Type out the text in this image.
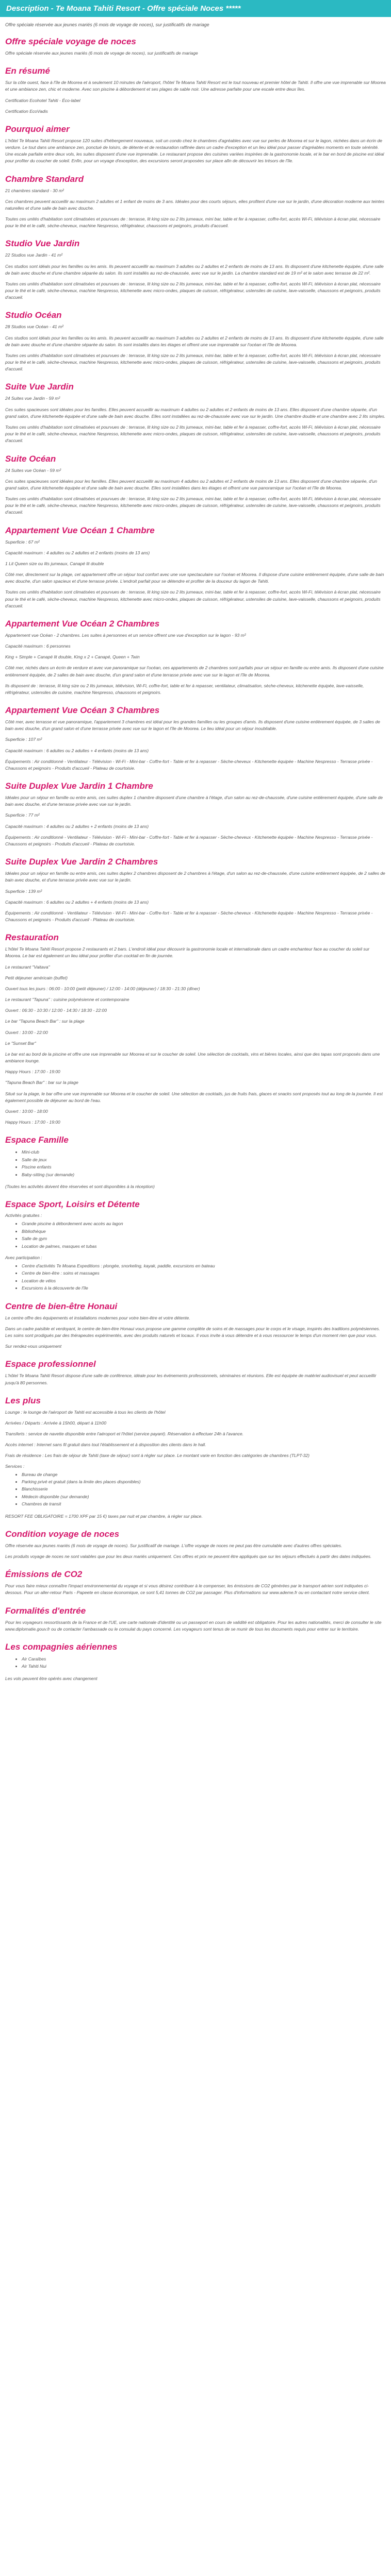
Description - Te Moana Tahiti Resort - Offre spéciale Noces *****

Offre spéciale réservée aux jeunes mariés (6 mois de voyage de noces), sur justificatifs de mariage

Offre spéciale voyage de noces

Offre spéciale réservée aux jeunes mariés (6 mois de voyage de noces), sur justificatifs de mariage

En résumé

Sur la côte ouest, face à l'île de Moorea et à seulement 10 minutes de l'aéroport, l'hôtel Te Moana Tahiti Resort est le tout nouveau et premier hôtel de Tahiti. Il offre une vue imprenable sur Moorea et une ambiance zen, chic et moderne. Avec son piscine à débordement et ses plages de sable noir. Une adresse parfaite pour une escale entre deux îles.

Certification Ecohotel Tahiti - Éco-label

Certification EcoVadis

Pourquoi aimer

L'hôtel Te Moana Tahiti Resort propose 120 suites d'hébergement nouveaux, soit un condo chez le chambres d'agréables avec vue sur perles de Moorea et sur le lagon, nichées dans un écrin de verdure. Le tout dans une ambiance zen, ponctué de loisirs, de détente et de restauration raffinée dans un cadre d'exception et un lieu idéal pour passer d'agréables moments en toute sérénité. Une escale parfaite entre deux vols, les suites disposent d'une vue imprenable. Le restaurant propose des cuisines variées inspirées de la gastronomie locale, et le bar en bord de piscine est idéal pour profiter du coucher de soleil. Enfin, pour un voyage d'exception, des excursions seront proposées sur place afin de découvrir les trésors de l'île.

Chambre Standard

21 chambres standard - 30 m²

Ces chambres peuvent accueillir au maximum 2 adultes et 1 enfant de moins de 3 ans. Idéales pour des courts séjours, elles profitent d'une vue sur le jardin, d'une décoration moderne aux teintes naturelles et d'une salle de bain avec douche.

Toutes ces unités d'habitation sont climatisées et pourvues de : terrasse, lit king size ou 2 lits jumeaux, mini bar, table et fer à repasser, coffre-fort, accès Wi-Fi, télévision à écran plat, nécessaire pour le thé et le café, sèche-cheveux, machine Nespresso, réfrigérateur, chaussons et peignoirs, produits d'accueil.

Studio Vue Jardin

22 Studios vue Jardin - 41 m²

Ces studios sont idéals pour les familles ou les amis. Ils peuvent accueillir au maximum 3 adultes ou 2 adultes et 2 enfants de moins de 13 ans. Ils disposent d'une kitchenette équipée, d'une salle de bain avec douche et d'une chambre séparée du salon. Ils sont installés au rez-de-chaussée, avec vue sur le jardin. La chambre standard est de 19 m² et le salon avec terrasse de 22 m².

Toutes ces unités d'habitation sont climatisées et pourvues de : terrasse, lit king size ou 2 lits jumeaux, mini-bar, table et fer à repasser, coffre-fort, accès Wi-Fi, télévision à écran plat, nécessaire pour le thé et le café, sèche-cheveux, machine Nespresso, kitchenette avec micro-ondes, plaques de cuisson, réfrigérateur, ustensiles de cuisine, lave-vaisselle, chaussons et peignoirs, produits d'accueil.

Studio Océan

28 Studios vue Océan - 41 m²

Ces studios sont idéals pour les familles ou les amis. Ils peuvent accueillir au maximum 3 adultes ou 2 adultes et 2 enfants de moins de 13 ans. Ils disposent d'une kitchenette équipée, d'une salle de bain avec douche et d'une chambre séparée du salon. Ils sont installés dans les étages et offrent une vue imprenable sur l'océan et l'île de Moorea.

Toutes ces unités d'habitation sont climatisées et pourvues de : terrasse, lit king size ou 2 lits jumeaux, mini-bar, table et fer à repasser, coffre-fort, accès Wi-Fi, télévision à écran plat, nécessaire pour le thé et le café, sèche-cheveux, machine Nespresso, kitchenette avec micro-ondes, plaques de cuisson, réfrigérateur, ustensiles de cuisine, lave-vaisselle, chaussons et peignoirs, produits d'accueil.

Suite Vue Jardin

24 Suites vue Jardin - 59 m²

Ces suites spacieuses sont idéales pour les familles. Elles peuvent accueillir au maximum 4 adultes ou 2 adultes et 2 enfants de moins de 13 ans. Elles disposent d'une chambre séparée, d'un grand salon, d'une kitchenette équipée et d'une salle de bain avec douche. Elles sont installées au rez-de-chaussée avec vue sur le jardin. Une chambre double et une chambre avec 2 lits simples.

Toutes ces unités d'habitation sont climatisées et pourvues de : terrasse, lit king size ou 2 lits jumeaux, mini-bar, table et fer à repasser, coffre-fort, accès Wi-Fi, télévision à écran plat, nécessaire pour le thé et le café, sèche-cheveux, machine Nespresso, kitchenette avec micro-ondes, plaques de cuisson, réfrigérateur, ustensiles de cuisine, lave-vaisselle, chaussons et peignoirs, produits d'accueil.

Suite Océan

24 Suites vue Océan - 59 m²

Ces suites spacieuses sont idéales pour les familles. Elles peuvent accueillir au maximum 4 adultes ou 2 adultes et 2 enfants de moins de 13 ans. Elles disposent d'une chambre séparée, d'un grand salon, d'une kitchenette équipée et d'une salle de bain avec douche. Elles sont installées dans les étages et offrent une vue panoramique sur l'océan et l'île de Moorea.

Toutes ces unités d'habitation sont climatisées et pourvues de : terrasse, lit king size ou 2 lits jumeaux, mini-bar, table et fer à repasser, coffre-fort, accès Wi-Fi, télévision à écran plat, nécessaire pour le thé et le café, sèche-cheveux, machine Nespresso, kitchenette avec micro-ondes, plaques de cuisson, réfrigérateur, ustensiles de cuisine, lave-vaisselle, chaussons et peignoirs, produits d'accueil.

Appartement Vue Océan 1 Chambre

Superficie : 67 m²

Capacité maximum : 4 adultes ou 2 adultes et 2 enfants (moins de 13 ans)

1 Lit Queen size ou lits jumeaux, Canapé lit double

Côté mer, directement sur la plage, cet appartement offre un séjour tout confort avec une vue spectaculaire sur l'océan et Moorea. Il dispose d'une cuisine entièrement équipée, d'une salle de bain avec douche, d'un salon spacieux et d'une terrasse privée. L'endroit parfait pour se détendre et profiter de la douceur du lagon de Tahiti.

Toutes ces unités d'habitation sont climatisées et pourvues de : terrasse, lit king size ou 2 lits jumeaux, mini-bar, table et fer à repasser, coffre-fort, accès Wi-Fi, télévision à écran plat, nécessaire pour le thé et le café, sèche-cheveux, machine Nespresso, kitchenette avec micro-ondes, plaques de cuisson, réfrigérateur, ustensiles de cuisine, lave-vaisselle, chaussons et peignoirs, produits d'accueil.

Appartement Vue Océan 2 Chambres

Appartement vue Océan - 2 chambres. Les suites à personnes et un service offrent une vue d'exception sur le lagon - 93 m²

Capacité maximum : 6 personnes

King + Simple + Canapé lit double, King x 2 + Canapé, Queen + Twin

Côté mer, nichés dans un écrin de verdure et avec vue panoramique sur l'océan, ces appartements de 2 chambres sont parfaits pour un séjour en famille ou entre amis. Ils disposent d'une cuisine entièrement équipée, de 2 salles de bain avec douche, d'un grand salon et d'une terrasse privée avec vue sur le lagon et l'île de Moorea.

Ils disposent de : terrasse, lit king size ou 2 lits jumeaux, télévision, Wi-Fi, coffre-fort, table et fer à repasser, ventilateur, climatisation, sèche-cheveux, kitchenette équipée, lave-vaisselle, réfrigérateur, ustensiles de cuisine, machine Nespresso, chaussons et peignoirs.

Appartement Vue Océan 3 Chambres

Côté mer, avec terrasse et vue panoramique, l'appartement 3 chambres est idéal pour les grandes familles ou les groupes d'amis. Ils disposent d'une cuisine entièrement équipée, de 3 salles de bain avec douche, d'un grand salon et d'une terrasse privée avec vue sur le lagon et l'île de Moorea. Le lieu idéal pour un séjour inoubliable.

Superficie : 107 m²

Capacité maximum : 6 adultes ou 2 adultes + 4 enfants (moins de 13 ans)

Équipements : Air conditionné - Ventilateur - Télévision - Wi-Fi - Mini-bar - Coffre-fort - Table et fer à repasser - Sèche-cheveux - Kitchenette équipée - Machine Nespresso - Terrasse privée - Chaussons et peignoirs - Produits d'accueil - Plateau de courtoisie.

Suite Duplex Vue Jardin 1 Chambre

Idéales pour un séjour en famille ou entre amis, ces suites duplex 1 chambre disposent d'une chambre à l'étage, d'un salon au rez-de-chaussée, d'une cuisine entièrement équipée, d'une salle de bain avec douche, et d'une terrasse privée avec vue sur le jardin.

Superficie : 77 m²

Capacité maximum : 4 adultes ou 2 adultes + 2 enfants (moins de 13 ans)

Équipements : Air conditionné - Ventilateur - Télévision - Wi-Fi - Mini-bar - Coffre-fort - Table et fer à repasser - Sèche-cheveux - Kitchenette équipée - Machine Nespresso - Terrasse privée - Chaussons et peignoirs - Produits d'accueil - Plateau de courtoisie.

Suite Duplex Vue Jardin 2 Chambres

Idéales pour un séjour en famille ou entre amis, ces suites duplex 2 chambres disposent de 2 chambres à l'étage, d'un salon au rez-de-chaussée, d'une cuisine entièrement équipée, de 2 salles de bain avec douche, et d'une terrasse privée avec vue sur le jardin.

Superficie : 139 m²

Capacité maximum : 6 adultes ou 2 adultes + 4 enfants (moins de 13 ans)

Équipements : Air conditionné - Ventilateur - Télévision - Wi-Fi - Mini-bar - Coffre-fort - Table et fer à repasser - Sèche-cheveux - Kitchenette équipée - Machine Nespresso - Terrasse privée - Chaussons et peignoirs - Produits d'accueil - Plateau de courtoisie.

Restauration

L'hôtel Te Moana Tahiti Resort propose 2 restaurants et 2 bars. L'endroit idéal pour découvrir la gastronomie locale et internationale dans un cadre enchanteur face au coucher du soleil sur Moorea. Le bar est également un lieu idéal pour profiter d'un cocktail en fin de journée.

Le restaurant "Vaitava"

Petit déjeuner américain (buffet)

Ouvert tous les jours : 06:00 - 10:00 (petit déjeuner) / 12:00 - 14:00 (déjeuner) / 18:30 - 21:30 (dîner)

Le restaurant "Tapuna" : cuisine polynésienne et contemporaine

Ouvert : 06:30 - 10:30 / 12:00 - 14:30 / 18:30 - 22:00

Le bar "Tapuna Beach Bar" : sur la plage

Ouvert : 10:00 - 22:00

Le "Sunset Bar"

Le bar est au bord de la piscine et offre une vue imprenable sur Moorea et sur le coucher de soleil. Une sélection de cocktails, vins et bières locales, ainsi que des tapas sont proposés dans une ambiance lounge.

Happy Hours : 17:00 - 19:00

"Tapuna Beach Bar" : bar sur la plage

Situé sur la plage, le bar offre une vue imprenable sur Moorea et le coucher de soleil. Une sélection de cocktails, jus de fruits frais, glaces et snacks sont proposés tout au long de la journée. Il est également possible de déjeuner au bord de l'eau.

Ouvert : 10:00 - 18:00

Happy Hours : 17:00 - 19:00

Espace Famille
• Mini-club
• Salle de jeux
• Piscine enfants
• Baby-sitting (sur demande)

(Toutes les activités doivent être réservées et sont disponibles à la réception)

Espace Sport, Loisirs et Détente

Activités gratuites :

• Grande piscine à débordement avec accès au lagon
• Bibliothèque
• Salle de gym
• Location de palmes, masques et tubas

Avec participation :

• Centre d'activités Te Moana Expeditions : plongée, snorkeling, kayak, paddle, excursions en bateau
• Centre de bien-être : soins et massages
• Location de vélos
• Excursions à la découverte de l'île
Centre de bien-être Honaui

Le centre offre des équipements et installations modernes pour votre bien-être et votre détente.

Dans un cadre paisible et verdoyant, le centre de bien-être Honaui vous propose une gamme complète de soins et de massages pour le corps et le visage, inspirés des traditions polynésiennes. Les soins sont prodigués par des thérapeutes expérimentés, avec des produits naturels et locaux. Il vous invite à vous détendre et à vous ressourcer le temps d'un moment rien que pour vous.

Sur rendez-vous uniquement

Espace professionnel

L'hôtel Te Moana Tahiti Resort dispose d'une salle de conférence, idéale pour les événements professionnels, séminaires et réunions. Elle est équipée de matériel audiovisuel et peut accueillir jusqu'à 80 personnes.

Les plus

Lounge : le lounge de l'aéroport de Tahiti est accessible à tous les clients de l'hôtel

Arrivées / Départs : Arrivée à 15h00, départ à 11h00

Transferts : service de navette disponible entre l'aéroport et l'hôtel (service payant). Réservation à effectuer 24h à l'avance.

Accès internet : Internet sans fil gratuit dans tout l'établissement et à disposition des clients dans le hall.

Frais de résidence : Les frais de séjour de Tahiti (taxe de séjour) sont à régler sur place. Le montant varie en fonction des catégories de chambres (TLPT-32)

Services :

• Bureau de change
• Parking privé et gratuit (dans la limite des places disponibles)
• Blanchisserie
• Médecin disponible (sur demande)
• Chambres de transit

RESORT FEE OBLIGATOIRE = 1700 XPF par 15 €) taxes par nuit et par chambre, à régler sur place.

Condition voyage de noces

Offre réservée aux jeunes mariés (6 mois de voyage de noces). Sur justificatif de mariage. L'offre voyage de noces ne peut pas être cumulable avec d'autres offres spéciales.

Les produits voyage de noces ne sont valables que pour les deux mariés uniquement. Ces offres et prix ne peuvent être appliqués que sur les séjours effectués à partir des dates indiquées.

Émissions de CO2

Pour vous faire mieux connaître l'impact environnemental du voyage et si vous désirez contribuer à le compenser, les émissions de CO2 générées par le transport aérien sont indiquées ci-dessous. Pour un aller-retour Paris - Papeete en classe économique, ce sont 5,41 tonnes de CO2 par passager. Plus d'informations sur www.ademe.fr ou en contactant notre service client.

Formalités d'entrée

Pour les voyageurs ressortissants de la France et de l'UE, une carte nationale d'identité ou un passeport en cours de validité est obligatoire. Pour les autres nationalités, merci de consulter le site www.diplomatie.gouv.fr ou de contacter l'ambassade ou le consulat du pays concerné. Les voyageurs sont tenus de se munir de tous les documents requis pour entrer sur le territoire.

Les compagnies aériennes
• Air Caraïbes
• Air Tahiti Nui

Les vols peuvent être opérés avec changement
